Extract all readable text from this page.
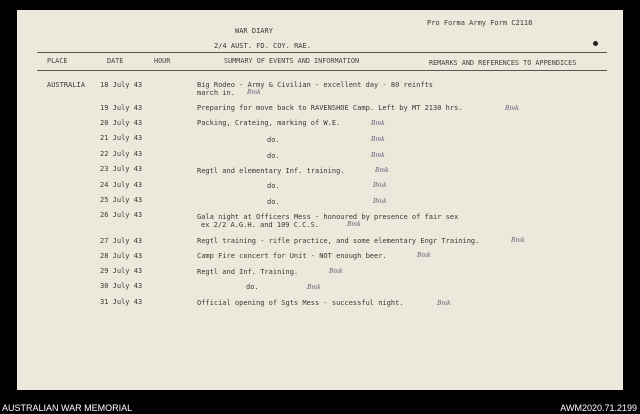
Pro Forma Army Form C2118
WAR DIARY
2/4 AUST. FD. COY. RAE.
PLACE	DATE	HOUR	SUMMARY OF EVENTS AND INFORMATION	REMARKS AND REFERENCES TO APPENDICES
AUSTRALIA 18 July 43	Big Rodeo - Army & Civilian - excellent day - 80 reinfts
march in. Bmk
19 July 43	Preparing for move back to RAVENSHOE Camp. Left by MT 2130 hrs.	Bmk
20 July 43	Packing, Crateing, marking of W.E.	Bmk
21 July 43	do.	Bmk
22 July 43	do.	Bmk
23 July 43	Regtl and elementary Inf. training.	Bmk
24 July 43	do.	Bmk
25 July 43	do.	Bmk
26 July 43	Gala night at Officers Mess - honoured by presence of fair sex
ex 2/2 A.G.H. and 109 C.C.S.	Bmk
27 July 43	Regtl training - rifle practice, and some elementary Engr Training.	Bmk
28 July 43	Camp Fire concert for Unit - NOT enough beer.	Bmk
29 July 43	Regtl and Inf. Training.	Bmk
30 July 43	do.	Bmk
31 July 43	Official opening of Sgts Mess - successful night.	Bmk
AUSTRALIAN WAR MEMORIAL	AWM2020.71.2199
